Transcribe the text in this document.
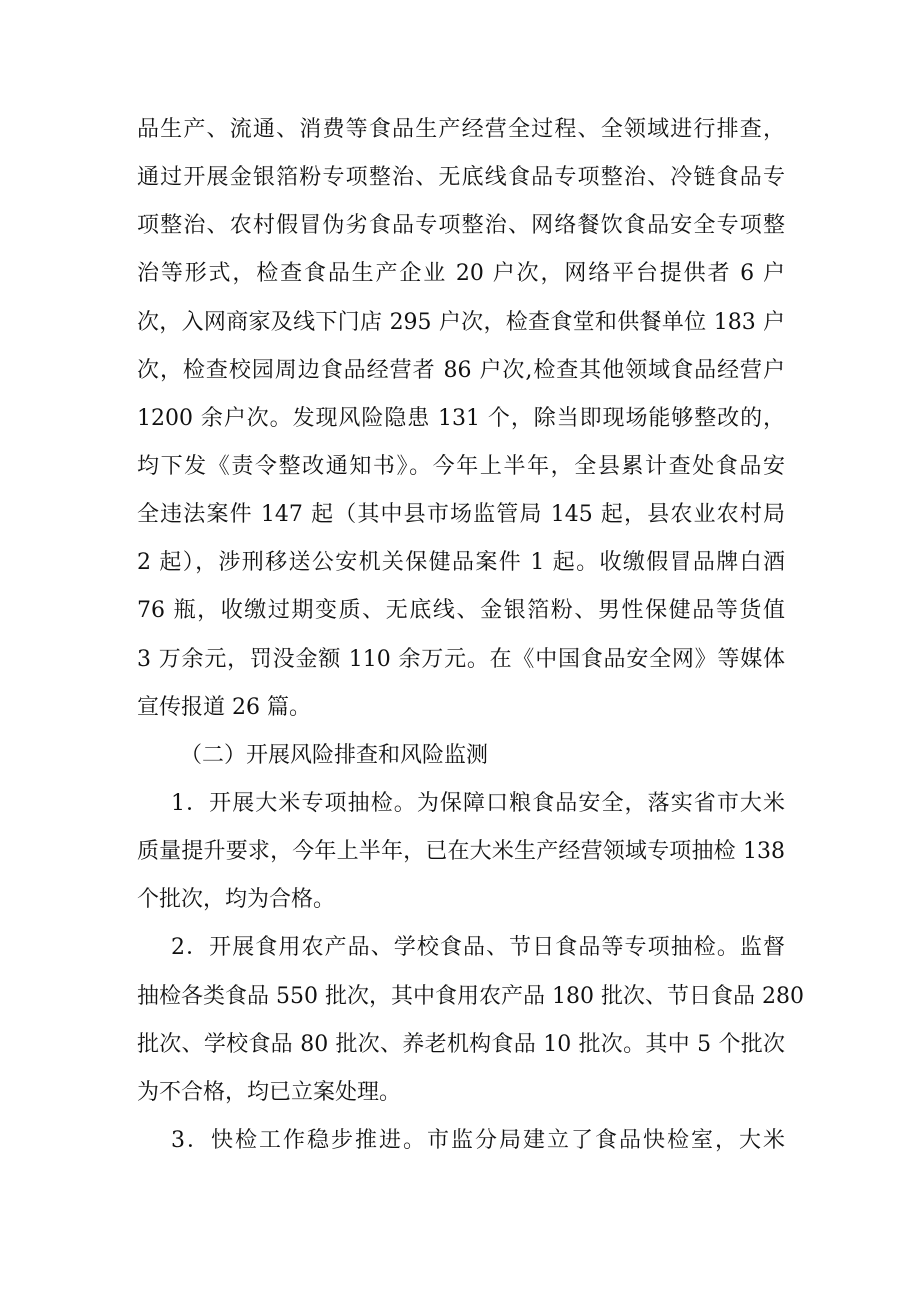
品生产、流通、消费等食品生产经营全过程、全领域进行排查，
通过开展金银箔粉专项整治、无底线食品专项整治、冷链食品专
项整治、农村假冒伪劣食品专项整治、网络餐饮食品安全专项整
治等形式，检查食品生产企业 20 户次，网络平台提供者 6 户
次，入网商家及线下门店 295 户次，检查食堂和供餐单位 183 户
次，检查校园周边食品经营者 86 户次,检查其他领域食品经营户
1200 余户次。发现风险隐患 131 个，除当即现场能够整改的，
均下发《责令整改通知书》。今年上半年，全县累计查处食品安
全违法案件 147 起（其中县市场监管局 145 起，县农业农村局
2 起），涉刑移送公安机关保健品案件 1 起。收缴假冒品牌白酒
76 瓶，收缴过期变质、无底线、金银箔粉、男性保健品等货值
3 万余元，罚没金额 110 余万元。在《中国食品安全网》等媒体
宣传报道 26 篇。
（二）开展风险排查和风险监测
1．开展大米专项抽检。为保障口粮食品安全，落实省市大米
质量提升要求，今年上半年，已在大米生产经营领域专项抽检 138
个批次，均为合格。
2．开展食用农产品、学校食品、节日食品等专项抽检。监督
抽检各类食品 550 批次，其中食用农产品 180 批次、节日食品 280
批次、学校食品 80 批次、养老机构食品 10 批次。其中 5 个批次
为不合格，均已立案处理。
3．快检工作稳步推进。市监分局建立了食品快检室，大米
